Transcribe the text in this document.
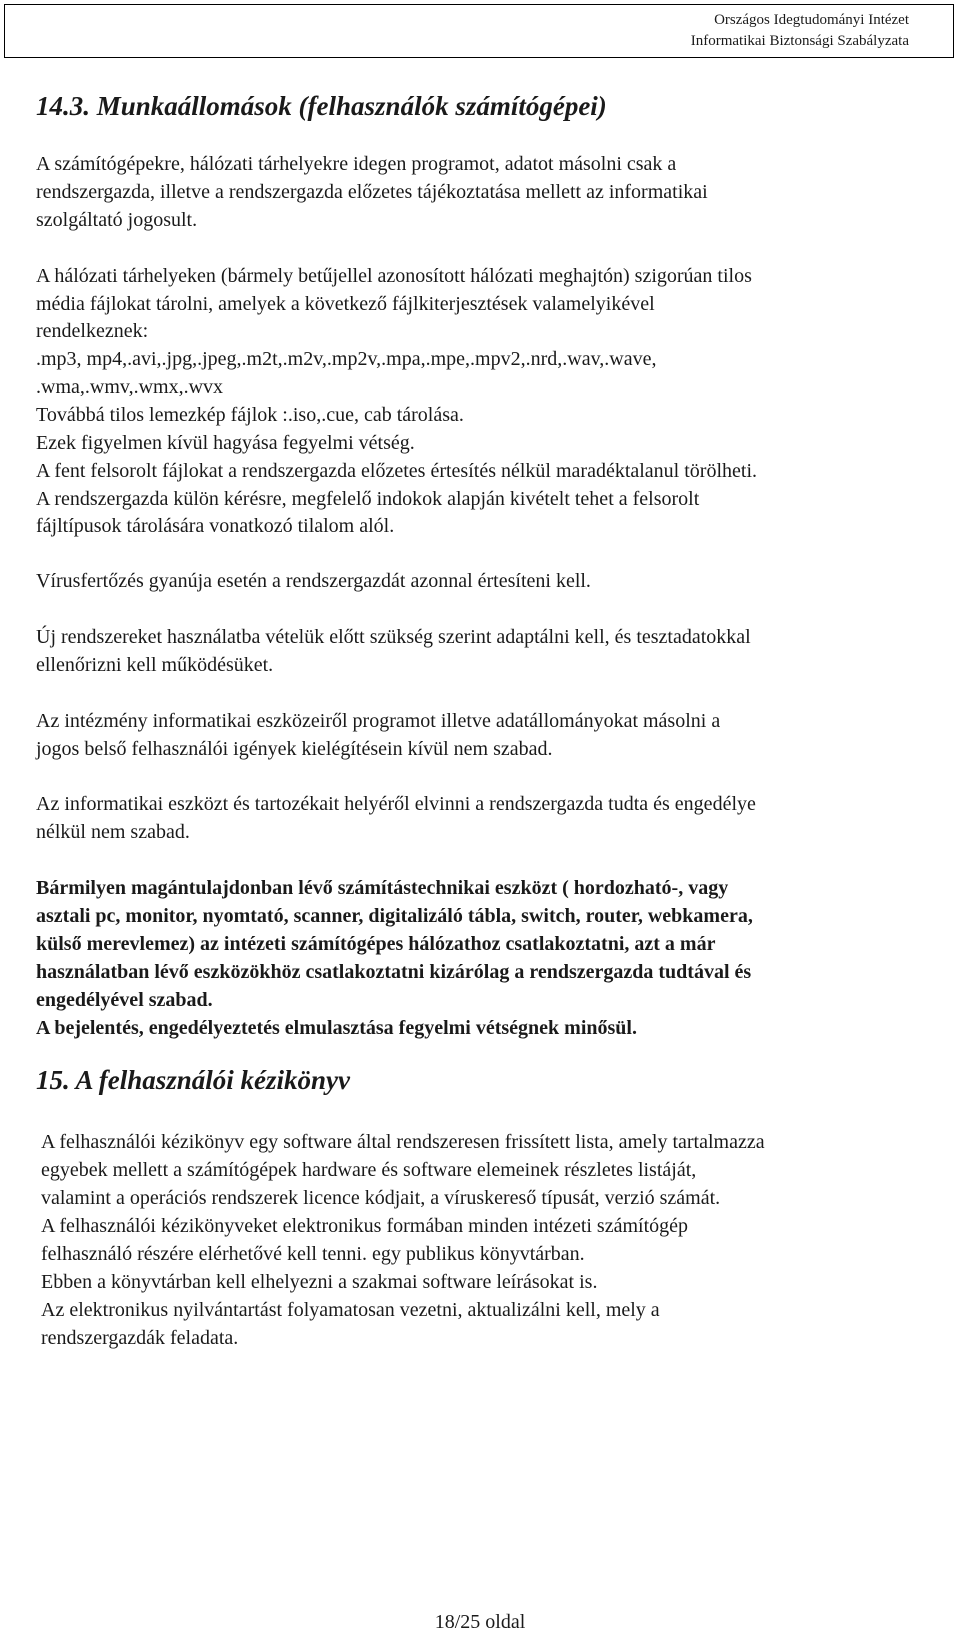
Országos Idegtudományi Intézet
Informatikai Biztonsági Szabályzata
14.3. Munkaállomások (felhasználók számítógépei)
A számítógépekre, hálózati tárhelyekre idegen programot, adatot másolni csak a
rendszergazda, illetve a rendszergazda előzetes tájékoztatása mellett az informatikai
szolgáltató jogosult.
A hálózati tárhelyeken (bármely betűjellel azonosított hálózati meghajtón) szigorúan tilos
média fájlokat tárolni, amelyek a következő fájlkiterjesztések valamelyikével
rendelkeznek:
.mp3, mp4,.avi,.jpg,.jpeg,.m2t,.m2v,.mp2v,.mpa,.mpe,.mpv2,.nrd,.wav,.wave,
.wma,.wmv,.wmx,.wvx
Továbbá tilos lemezkép fájlok :.iso,.cue, cab tárolása.
Ezek figyelmen kívül hagyása fegyelmi vétség.
A fent felsorolt fájlokat a rendszergazda előzetes értesítés nélkül maradéktalanul törölheti.
A rendszergazda külön kérésre, megfelelő indokok alapján kivételt tehet a felsorolt
fájltípusok tárolására vonatkozó tilalom alól.
Vírusfertőzés gyanúja esetén a rendszergazdát azonnal értesíteni kell.
Új rendszereket használatba vételük előtt szükség szerint adaptálni kell, és tesztadatokkal
ellenőrizni kell működésüket.
Az intézmény informatikai eszközeiről programot illetve adatállományokat másolni a
jogos belső felhasználói igények kielégítésein kívül nem szabad.
Az informatikai eszközt és tartozékait helyéről elvinni a rendszergazda tudta és engedélye
nélkül nem szabad.
Bármilyen magántulajdonban lévő számítástechnikai eszközt ( hordozható-, vagy
asztali pc, monitor, nyomtató, scanner, digitalizáló tábla, switch, router, webkamera,
külső merevlemez) az intézeti számítógépes hálózathoz csatlakoztatni, azt a már
használatban lévő eszközökhöz csatlakoztatni kizárólag a rendszergazda tudtával és
engedélyével szabad.
A bejelentés, engedélyeztetés elmulasztása fegyelmi vétségnek minősül.
15. A felhasználói kézikönyv
A felhasználói kézikönyv egy software által rendszeresen frissített lista, amely tartalmazza
egyebek mellett a számítógépek hardware és software elemeinek részletes listáját,
valamint a operációs rendszerek licence kódjait, a víruskereső típusát, verzió számát.
A felhasználói kézikönyveket elektronikus formában minden intézeti számítógép
felhasználó részére elérhetővé kell tenni. egy publikus könyvtárban.
Ebben a könyvtárban kell elhelyezni a szakmai software leírásokat is.
Az elektronikus nyilvántartást folyamatosan vezetni, aktualizálni kell, mely a
rendszergazdák feladata.
18/25 oldal
